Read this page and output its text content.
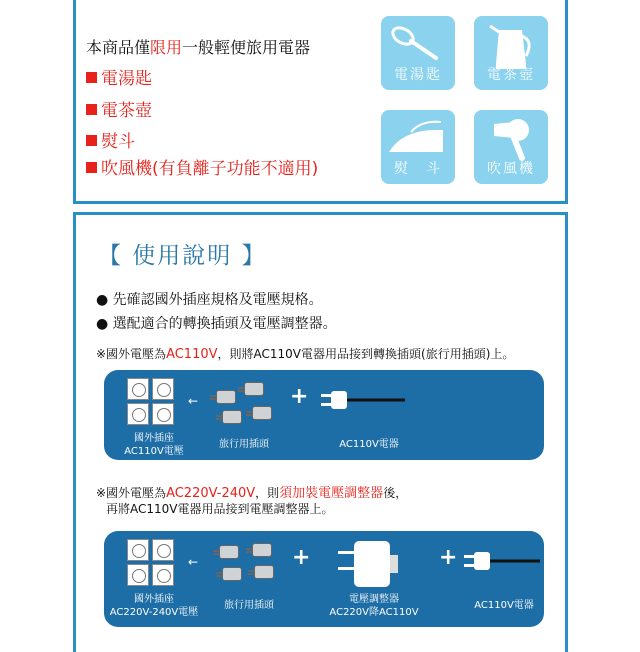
本商品僅限用一般輕便旅用電器
電湯匙
電茶壺
熨斗
吹風機(有負離子功能不適用)
電湯匙	電茶壺
熨　斗	吹風機
【 使用說明 】
● 先確認國外插座規格及電壓規格。
● 選配適合的轉換插頭及電壓調整器。
※國外電壓為AC110V，則將AC110V電器用品接到轉換插頭(旅行用插頭)上。
國外插座
AC110V電壓
←
旅行用插頭
+
AC110V電器
※國外電壓為AC220V-240V，則須加裝電壓調整器後，
再將AC110V電器用品接到電壓調整器上。
國外插座
AC220V-240V電壓
←
旅行用插頭
+
電壓調整器
AC220V降AC110V
+
AC110V電器
